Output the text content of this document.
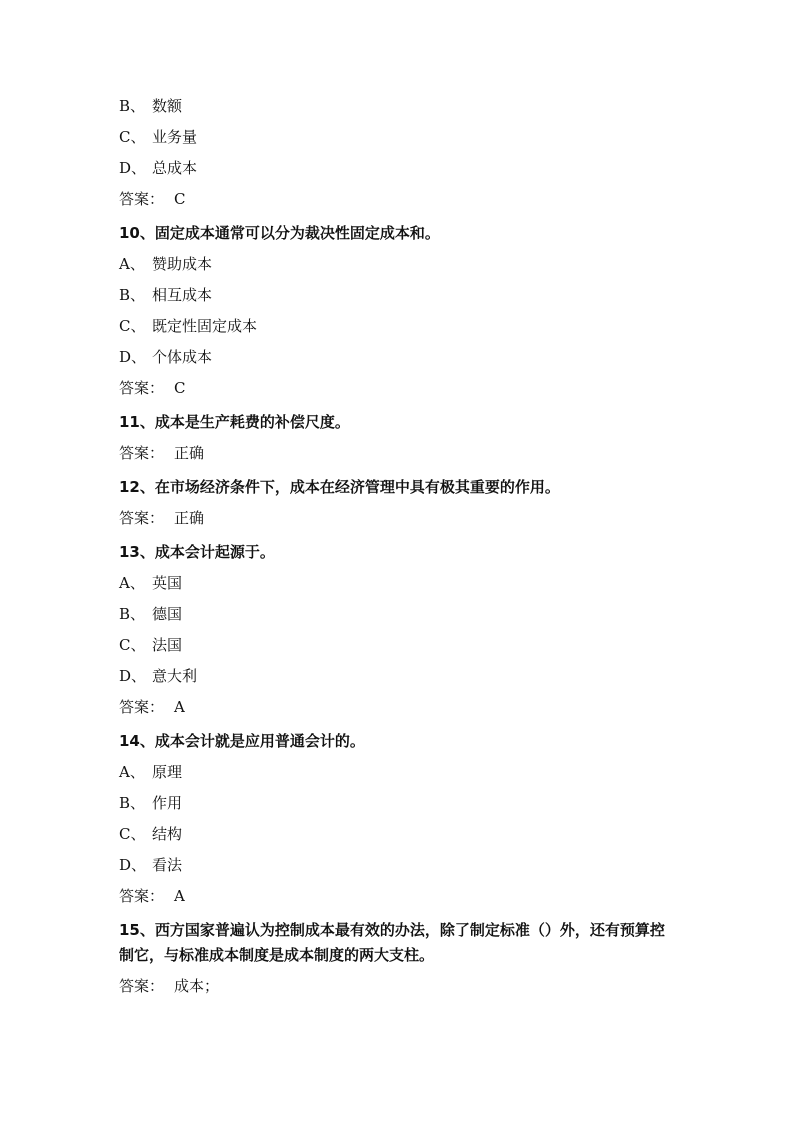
B、 数额
C、 业务量
D、 总成本
答案： C
10、固定成本通常可以分为裁决性固定成本和。
A、 赞助成本
B、 相互成本
C、 既定性固定成本
D、 个体成本
答案： C
11、成本是生产耗费的补偿尺度。
答案： 正确
12、在市场经济条件下，成本在经济管理中具有极其重要的作用。
答案： 正确
13、成本会计起源于。
A、 英国
B、 德国
C、 法国
D、 意大利
答案： A
14、成本会计就是应用普通会计的。
A、 原理
B、 作用
C、 结构
D、 看法
答案： A
15、西方国家普遍认为控制成本最有效的办法，除了制定标准（）外，还有预算控制它，与标准成本制度是成本制度的两大支柱。
答案： 成本；
